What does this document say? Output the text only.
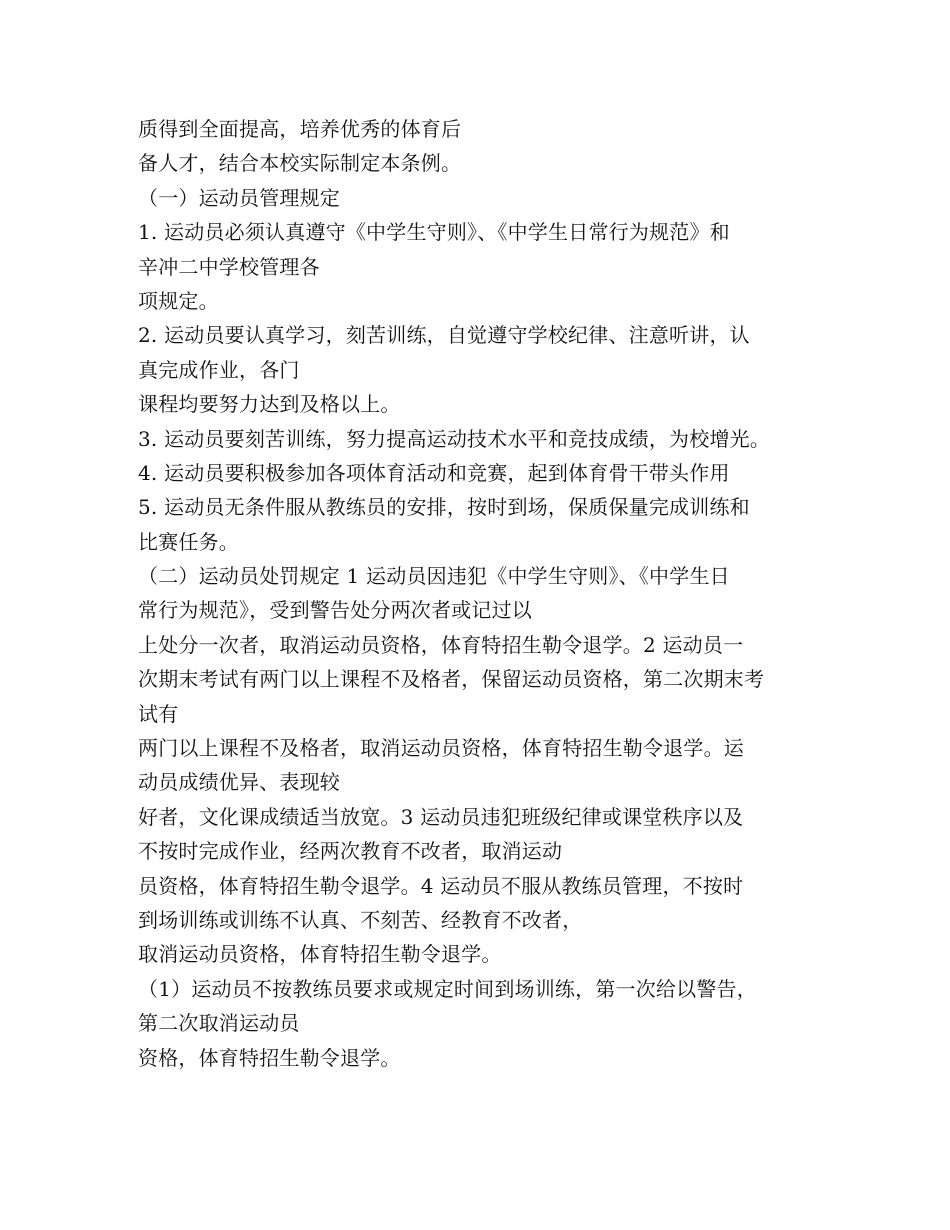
质得到全面提高，培养优秀的体育后
备人才，结合本校实际制定本条例。
（一）运动员管理规定
1. 运动员必须认真遵守《中学生守则》、《中学生日常行为规范》和
辛冲二中学校管理各
项规定。
2. 运动员要认真学习，刻苦训练，自觉遵守学校纪律、注意听讲，认
真完成作业，各门
课程均要努力达到及格以上。
3. 运动员要刻苦训练，努力提高运动技术水平和竞技成绩，为校增光。
4. 运动员要积极参加各项体育活动和竞赛，起到体育骨干带头作用
5. 运动员无条件服从教练员的安排，按时到场，保质保量完成训练和
比赛任务。
（二）运动员处罚规定 1 运动员因违犯《中学生守则》、《中学生日
常行为规范》，受到警告处分两次者或记过以
上处分一次者，取消运动员资格，体育特招生勒令退学。2 运动员一
次期末考试有两门以上课程不及格者，保留运动员资格，第二次期末考
试有
两门以上课程不及格者，取消运动员资格，体育特招生勒令退学。运
动员成绩优异、表现较
好者，文化课成绩适当放宽。3 运动员违犯班级纪律或课堂秩序以及
不按时完成作业，经两次教育不改者，取消运动
员资格，体育特招生勒令退学。4 运动员不服从教练员管理，不按时
到场训练或训练不认真、不刻苦、经教育不改者，
取消运动员资格，体育特招生勒令退学。
（1）运动员不按教练员要求或规定时间到场训练，第一次给以警告，
第二次取消运动员
资格，体育特招生勒令退学。
